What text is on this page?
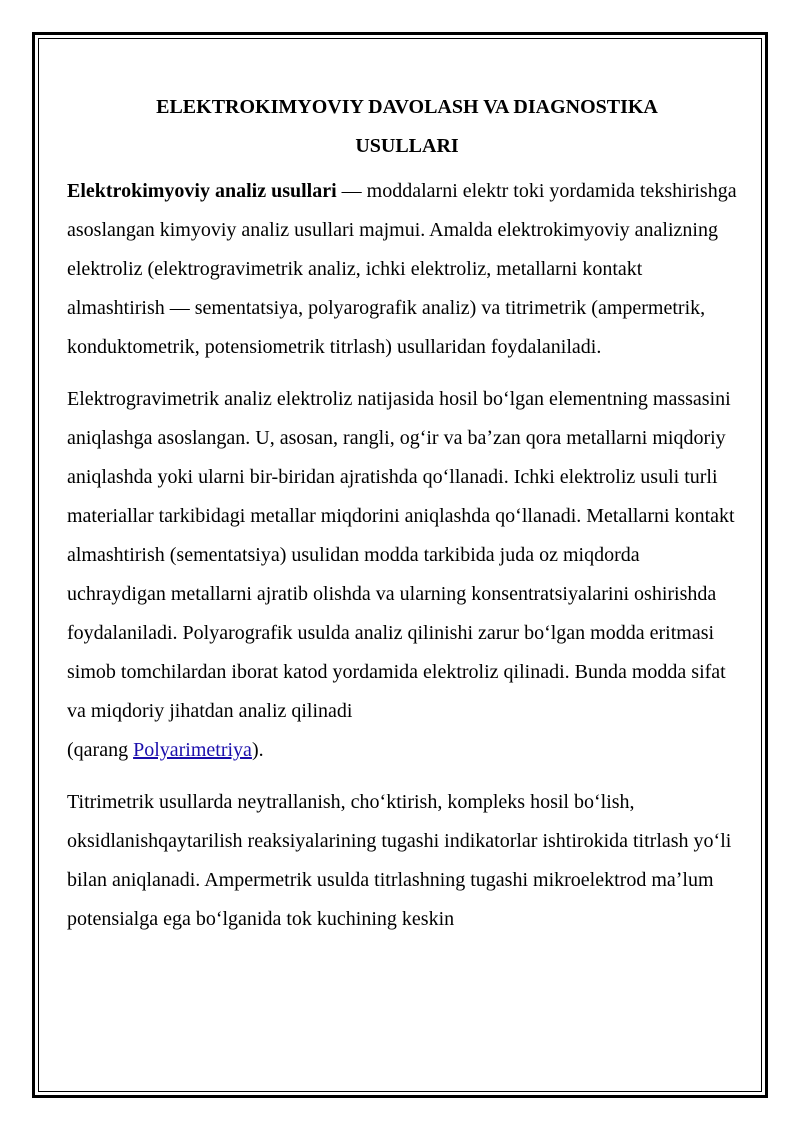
ELEKTROKIMYOVIY DAVOLASH VA DIAGNOSTIKA
USULLARI

Elektrokimyoviy analiz usullari — moddalarni elektr toki yordamida tekshirishga asoslangan kimyoviy analiz usullari majmui. Amalda elektrokimyoviy analizning elektroliz (elektrogravimetrik analiz, ichki elektroliz, metallarni kontakt almashtirish — sementatsiya, polyarografik analiz) va titrimetrik (ampermetrik, konduktometrik, potensiometrik titrlash) usullaridan foydalaniladi.

Elektrogravimetrik analiz elektroliz natijasida hosil boʻlgan elementning massasini aniqlashga asoslangan. U, asosan, rangli, ogʻir va baʼzan qora metallarni miqdoriy aniqlashda yoki ularni bir-biridan ajratishda qoʻllanadi. Ichki elektroliz usuli turli materiallar tarkibidagi metallar miqdorini aniqlashda qoʻllanadi. Metallarni kontakt almashtirish (sementatsiya) usulidan modda tarkibida juda oz miqdorda uchraydigan metallarni ajratib olishda va ularning konsentratsiyalarini oshirishda foydalaniladi. Polyarografik usulda analiz qilinishi zarur boʻlgan modda eritmasi simob tomchilardan iborat katod yordamida elektroliz qilinadi. Bunda modda sifat va miqdoriy jihatdan analiz qilinadi
(qarang Polyarimetriya).

Titrimetrik usullarda neytrallanish, choʻktirish, kompleks hosil boʻlish, oksidlanishqaytarilish reaksiyalarining tugashi indikatorlar ishtirokida titrlash yoʻli bilan aniqlanadi. Ampermetrik usulda titrlashning tugashi mikroelektrod maʼlum potensialga ega boʻlganida tok kuchining keskin
